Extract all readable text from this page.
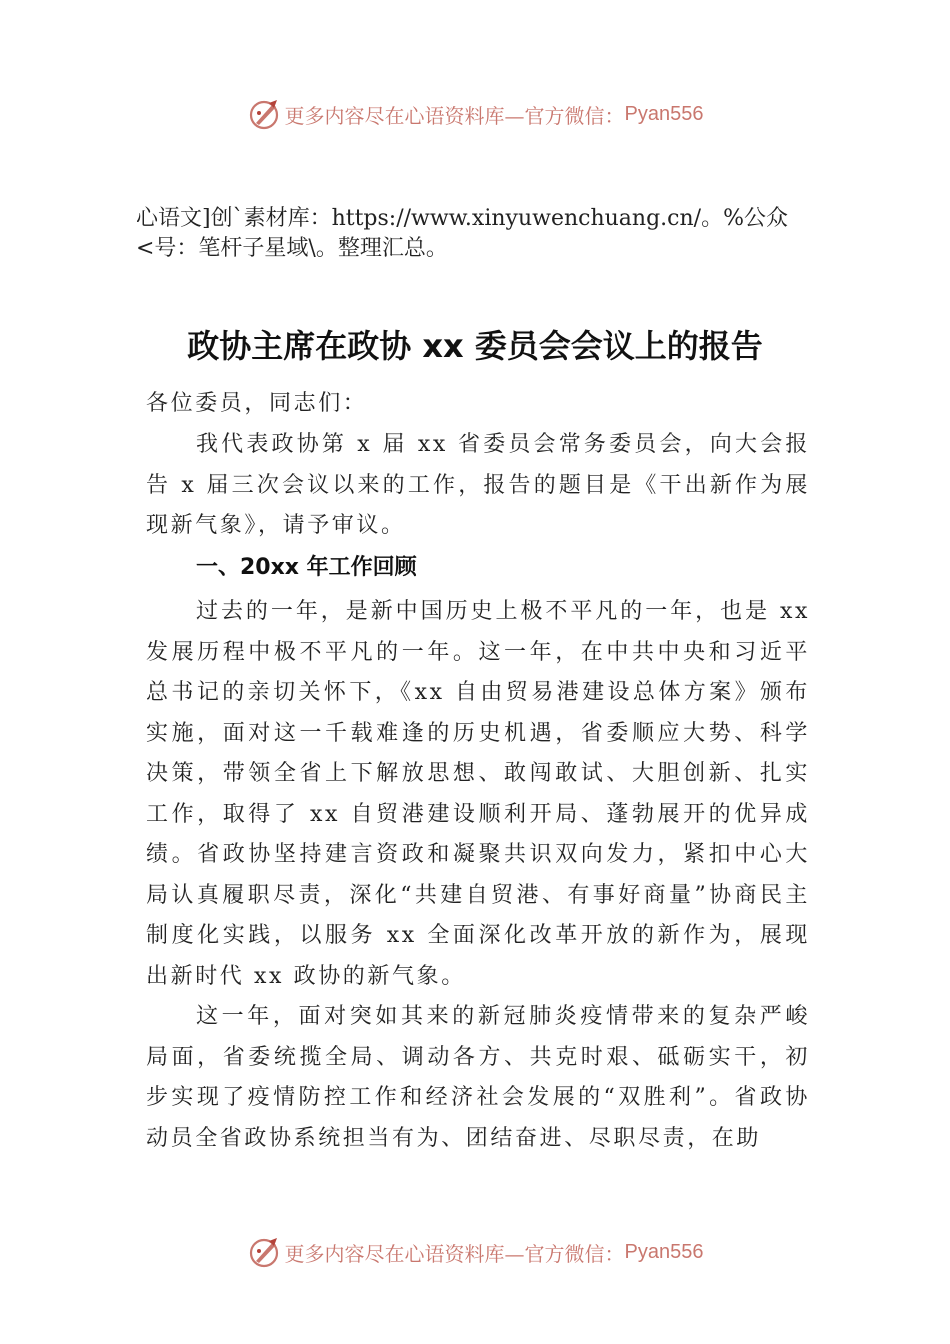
更多内容尽在心语资料库—官方微信： Pyan556
心语文]创`素材库：https://www.xinyuwenchuang.cn/。%公众
<号：笔杆子星域\。整理汇总。
政协主席在政协 xx 委员会会议上的报告

各位委员，同志们：

我代表政协第 x 届 xx 省委员会常务委员会，向大会报告 x 届三次会议以来的工作，报告的题目是《干出新作为展现新气象》，请予审议。

一、20xx 年工作回顾

过去的一年，是新中国历史上极不平凡的一年，也是 xx 发展历程中极不平凡的一年。这一年，在中共中央和习近平总书记的亲切关怀下，《xx 自由贸易港建设总体方案》颁布实施，面对这一千载难逢的历史机遇，省委顺应大势、科学决策，带领全省上下解放思想、敢闯敢试、大胆创新、扎实工作，取得了 xx 自贸港建设顺利开局、蓬勃展开的优异成绩。省政协坚持建言资政和凝聚共识双向发力，紧扣中心大局认真履职尽责，深化“共建自贸港、有事好商量”协商民主制度化实践，以服务 xx 全面深化改革开放的新作为，展现出新时代 xx 政协的新气象。

这一年，面对突如其来的新冠肺炎疫情带来的复杂严峻局面，省委统揽全局、调动各方、共克时艰、砥砺实干，初步实现了疫情防控工作和经济社会发展的“双胜利”。省政协动员全省政协系统担当有为、团结奋进、尽职尽责，在助

更多内容尽在心语资料库—官方微信： Pyan556
